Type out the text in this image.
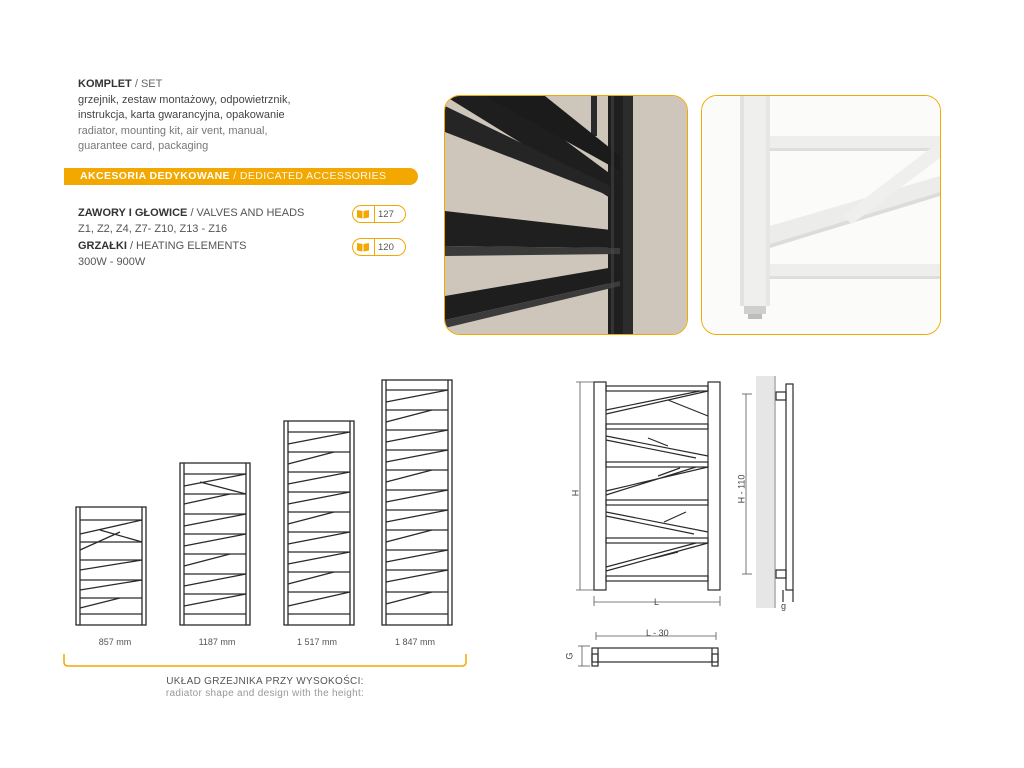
KOMPLET / SET
grzejnik, zestaw montażowy, odpowietrznik,
instrukcja, karta gwarancyjna, opakowanie
radiator, mounting kit, air vent, manual,
guarantee card, packaging
AKCESORIA DEDYKOWANE / DEDICATED ACCESSORIES
ZAWORY I GŁOWICE / VALVES AND HEADS
Z1, Z2, Z4, Z7- Z10, Z13 - Z16
GRZAŁKI / HEATING ELEMENTS
300W - 900W
127
120
857 mm	1187 mm	1 517 mm	1 847 mm
UKŁAD GRZEJNIKA PRZY WYSOKOŚCI:
radiator shape and design with the height:
H
L
H - 110
g
L - 30
G
